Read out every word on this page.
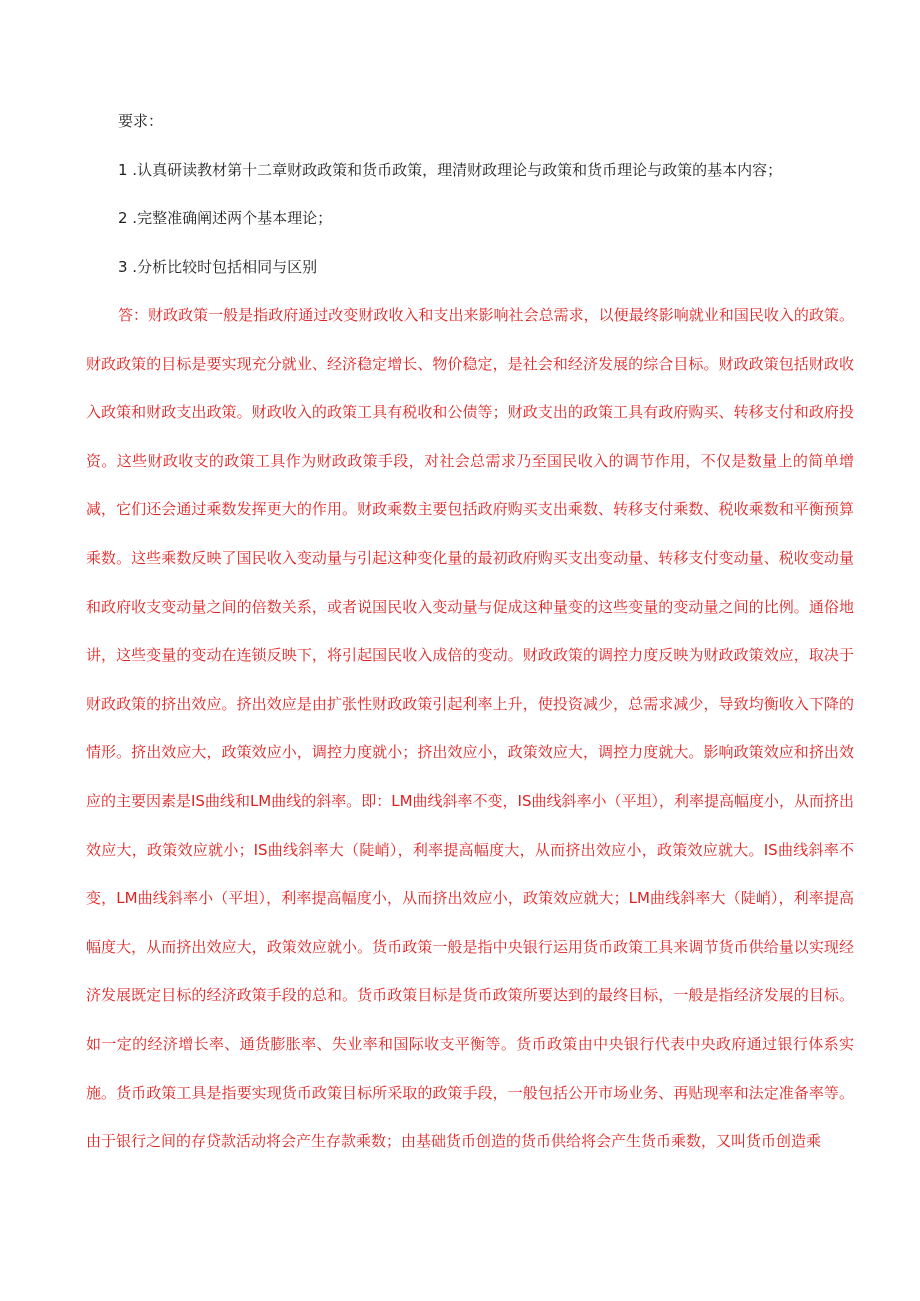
要求：
1 .认真研读教材第十二章财政政策和货币政策，理清财政理论与政策和货币理论与政策的基本内容；
2 .完整准确阐述两个基本理论；
3 .分析比较时包括相同与区别

答：财政政策一般是指政府通过改变财政收入和支出来影响社会总需求，以便最终影响就业和国民收入的政策。财政政策的目标是要实现充分就业、经济稳定增长、物价稳定，是社会和经济发展的综合目标。财政政策包括财政收入政策和财政支出政策。财政收入的政策工具有税收和公债等；财政支出的政策工具有政府购买、转移支付和政府投资。这些财政收支的政策工具作为财政政策手段，对社会总需求乃至国民收入的调节作用，不仅是数量上的简单增减，它们还会通过乘数发挥更大的作用。财政乘数主要包括政府购买支出乘数、转移支付乘数、税收乘数和平衡预算乘数。这些乘数反映了国民收入变动量与引起这种变化量的最初政府购买支出变动量、转移支付变动量、税收变动量和政府收支变动量之间的倍数关系，或者说国民收入变动量与促成这种量变的这些变量的变动量之间的比例。通俗地讲，这些变量的变动在连锁反映下，将引起国民收入成倍的变动。财政政策的调控力度反映为财政政策效应，取决于财政政策的挤出效应。挤出效应是由扩张性财政政策引起利率上升，使投资减少，总需求减少，导致均衡收入下降的情形。挤出效应大，政策效应小，调控力度就小；挤出效应小，政策效应大，调控力度就大。影响政策效应和挤出效应的主要因素是IS曲线和LM曲线的斜率。即：LM曲线斜率不变，IS曲线斜率小（平坦），利率提高幅度小，从而挤出效应大，政策效应就小；IS曲线斜率大（陡峭），利率提高幅度大，从而挤出效应小，政策效应就大。IS曲线斜率不变，LM曲线斜率小（平坦），利率提高幅度小，从而挤出效应小，政策效应就大；LM曲线斜率大（陡峭），利率提高幅度大，从而挤出效应大，政策效应就小。货币政策一般是指中央银行运用货币政策工具来调节货币供给量以实现经济发展既定目标的经济政策手段的总和。货币政策目标是货币政策所要达到的最终目标，一般是指经济发展的目标。如一定的经济增长率、通货膨胀率、失业率和国际收支平衡等。货币政策由中央银行代表中央政府通过银行体系实施。货币政策工具是指要实现货币政策目标所采取的政策手段，一般包括公开市场业务、再贴现率和法定准备率等。由于银行之间的存贷款活动将会产生存款乘数；由基础货币创造的货币供给将会产生货币乘数，又叫货币创造乘
